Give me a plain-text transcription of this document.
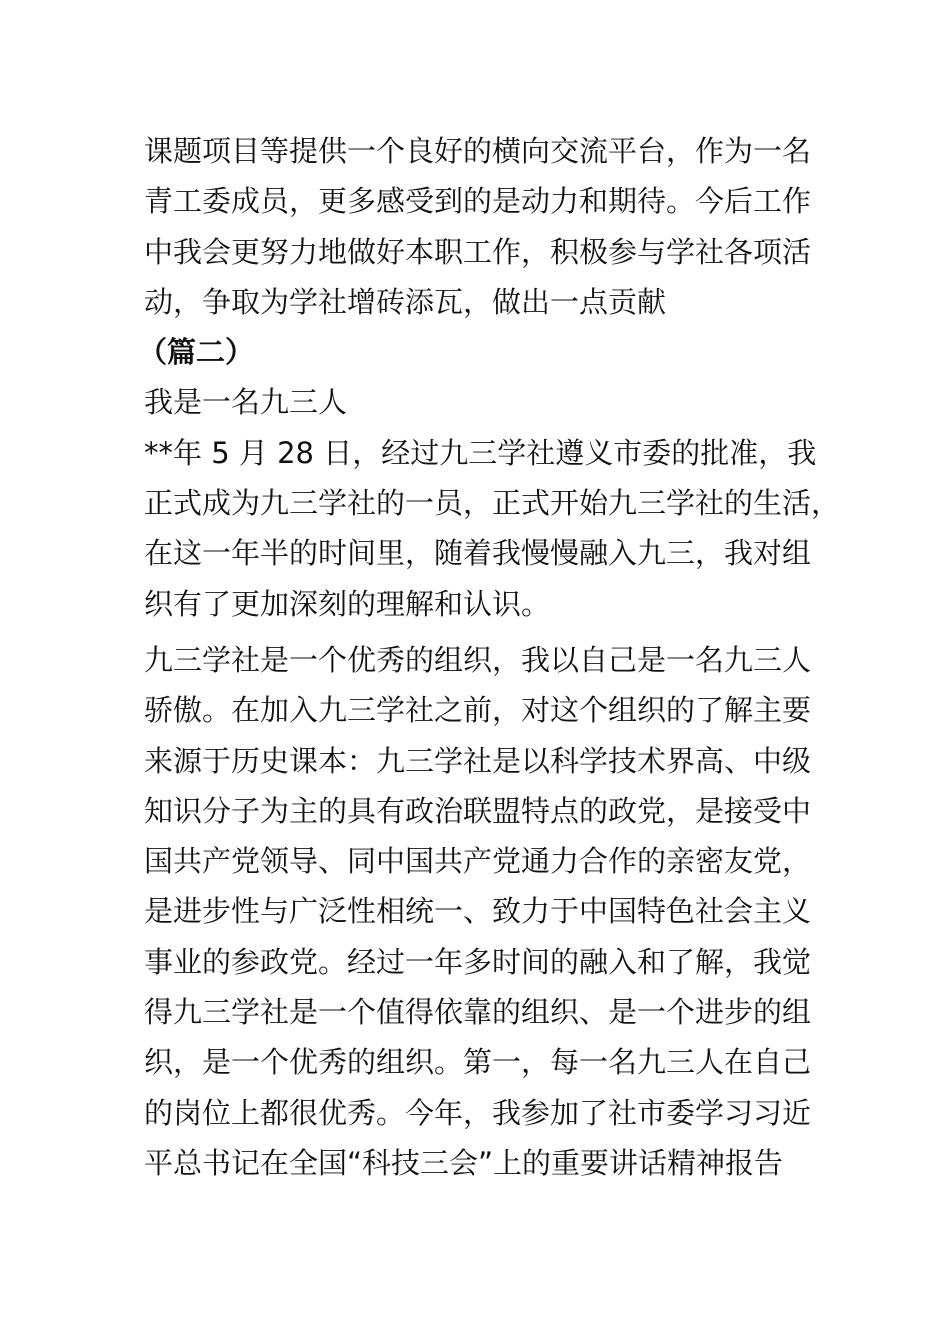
课题项目等提供一个良好的横向交流平台，作为一名
青工委成员，更多感受到的是动力和期待。今后工作
中我会更努力地做好本职工作，积极参与学社各项活
动，争取为学社增砖添瓦，做出一点贡献
（篇二）
我是一名九三人
**年 5 月 28 日，经过九三学社遵义市委的批准，我
正式成为九三学社的一员，正式开始九三学社的生活，
在这一年半的时间里，随着我慢慢融入九三，我对组
织有了更加深刻的理解和认识。
九三学社是一个优秀的组织，我以自己是一名九三人
骄傲。在加入九三学社之前，对这个组织的了解主要
来源于历史课本：九三学社是以科学技术界高、中级
知识分子为主的具有政治联盟特点的政党，是接受中
国共产党领导、同中国共产党通力合作的亲密友党，
是进步性与广泛性相统一、致力于中国特色社会主义
事业的参政党。经过一年多时间的融入和了解，我觉
得九三学社是一个值得依靠的组织、是一个进步的组
织，是一个优秀的组织。第一，每一名九三人在自己
的岗位上都很优秀。今年，我参加了社市委学习习近
平总书记在全国“科技三会”上的重要讲话精神报告
